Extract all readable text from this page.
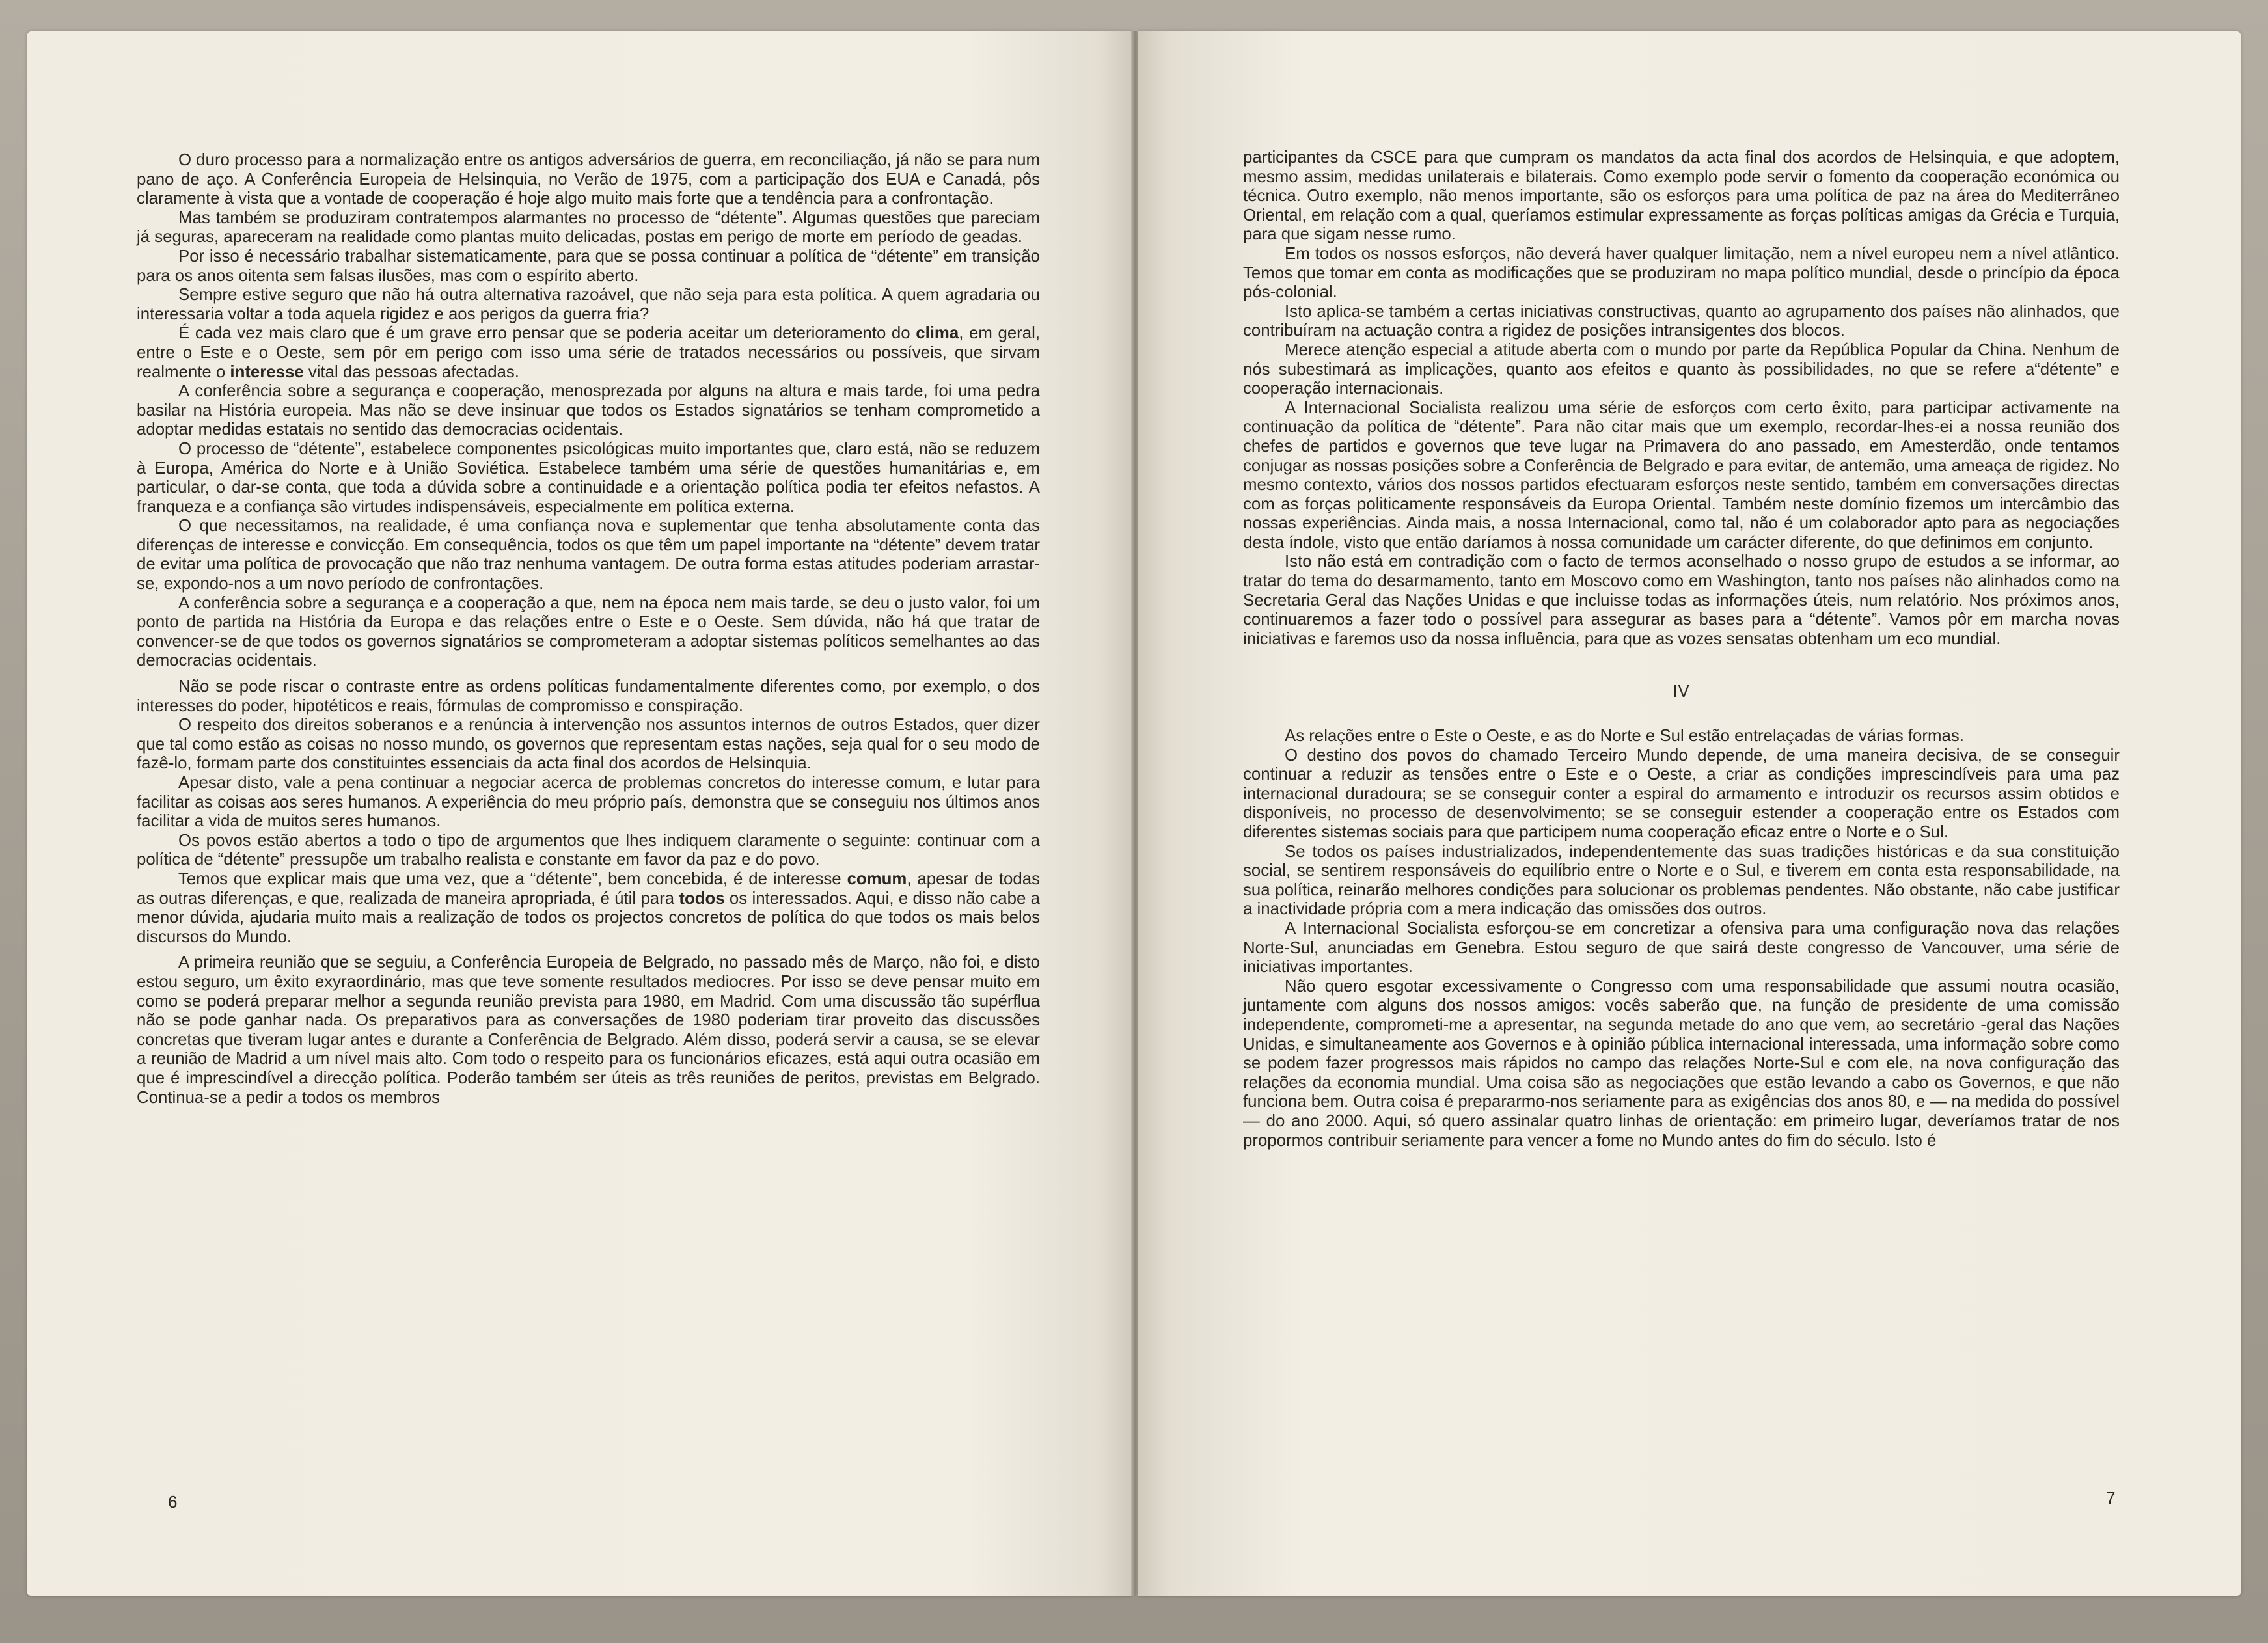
O duro processo para a normalização entre os antigos adversários de guerra, em reconciliação, já não se para num pano de aço. A Conferência Europeia de Helsinquia, no Verão de 1975, com a participação dos EUA e Canadá, pôs claramente à vista que a vontade de cooperação é hoje algo muito mais forte que a tendência para a confrontação.

Mas também se produziram contratempos alarmantes no processo de “détente”. Algumas questões que pareciam já seguras, apareceram na realidade como plantas muito delicadas, postas em perigo de morte em período de geadas.

Por isso é necessário trabalhar sistematicamente, para que se possa continuar a política de “détente” em transição para os anos oitenta sem falsas ilusões, mas com o espírito aberto.

Sempre estive seguro que não há outra alternativa razoável, que não seja para esta política. A quem agradaria ou interessaria voltar a toda aquela rigidez e aos perigos da guerra fria?

É cada vez mais claro que é um grave erro pensar que se poderia aceitar um deterioramento do clima, em geral, entre o Este e o Oeste, sem pôr em perigo com isso uma série de tratados necessários ou possíveis, que sirvam realmente o interesse vital das pessoas afectadas.

A conferência sobre a segurança e cooperação, menosprezada por alguns na altura e mais tarde, foi uma pedra basilar na História europeia. Mas não se deve insinuar que todos os Estados signatários se tenham comprometido a adoptar medidas estatais no sentido das democracias ocidentais.

O processo de “détente”, estabelece componentes psicológicas muito importantes que, claro está, não se reduzem à Europa, América do Norte e à União Soviética. Estabelece também uma série de questões humanitárias e, em particular, o dar-se conta, que toda a dúvida sobre a continuidade e a orientação política podia ter efeitos nefastos. A franqueza e a confiança são virtudes indispensáveis, especialmente em política externa.

O que necessitamos, na realidade, é uma confiança nova e suplementar que tenha absolutamente conta das diferenças de interesse e convicção. Em consequência, todos os que têm um papel importante na “détente” devem tratar de evitar uma política de provocação que não traz nenhuma vantagem. De outra forma estas atitudes poderiam arrastar-se, expondo-nos a um novo período de confrontações.

A conferência sobre a segurança e a cooperação a que, nem na época nem mais tarde, se deu o justo valor, foi um ponto de partida na História da Europa e das relações entre o Este e o Oeste. Sem dúvida, não há que tratar de convencer-se de que todos os governos signatários se comprometeram a adoptar sistemas políticos semelhantes ao das democracias ocidentais.

Não se pode riscar o contraste entre as ordens políticas fundamentalmente diferentes como, por exemplo, o dos interesses do poder, hipotéticos e reais, fórmulas de compromisso e conspiração.

O respeito dos direitos soberanos e a renúncia à intervenção nos assuntos internos de outros Estados, quer dizer que tal como estão as coisas no nosso mundo, os governos que representam estas nações, seja qual for o seu modo de fazê-lo, formam parte dos constituintes essenciais da acta final dos acordos de Helsinquia.

Apesar disto, vale a pena continuar a negociar acerca de problemas concretos do interesse comum, e lutar para facilitar as coisas aos seres humanos. A experiência do meu próprio país, demonstra que se conseguiu nos últimos anos facilitar a vida de muitos seres humanos.

Os povos estão abertos a todo o tipo de argumentos que lhes indiquem claramente o seguinte: continuar com a política de “détente” pressupõe um trabalho realista e constante em favor da paz e do povo.

Temos que explicar mais que uma vez, que a “détente”, bem concebida, é de interesse comum, apesar de todas as outras diferenças, e que, realizada de maneira apropriada, é útil para todos os interessados. Aqui, e disso não cabe a menor dúvida, ajudaria muito mais a realização de todos os projectos concretos de política do que todos os mais belos discursos do Mundo.

A primeira reunião que se seguiu, a Conferência Europeia de Belgrado, no passado mês de Março, não foi, e disto estou seguro, um êxito exyraordinário, mas que teve somente resultados mediocres. Por isso se deve pensar muito em como se poderá preparar melhor a segunda reunião prevista para 1980, em Madrid. Com uma discussão tão supérflua não se pode ganhar nada. Os preparativos para as conversações de 1980 poderiam tirar proveito das discussões concretas que tiveram lugar antes e durante a Conferência de Belgrado. Além disso, poderá servir a causa, se se elevar a reunião de Madrid a um nível mais alto. Com todo o respeito para os funcionários eficazes, está aqui outra ocasião em que é imprescindível a direcção política. Poderão também ser úteis as três reuniões de peritos, previstas em Belgrado. Continua-se a pedir a todos os membros

6

participantes da CSCE para que cumpram os mandatos da acta final dos acordos de Helsinquia, e que adoptem, mesmo assim, medidas unilaterais e bilaterais. Como exemplo pode servir o fomento da cooperação económica ou técnica. Outro exemplo, não menos importante, são os esforços para uma política de paz na área do Mediterrâneo Oriental, em relação com a qual, queríamos estimular expressamente as forças políticas amigas da Grécia e Turquia, para que sigam nesse rumo.

Em todos os nossos esforços, não deverá haver qualquer limitação, nem a nível europeu nem a nível atlântico. Temos que tomar em conta as modificações que se produziram no mapa político mundial, desde o princípio da época pós-colonial.

Isto aplica-se também a certas iniciativas constructivas, quanto ao agrupamento dos países não alinhados, que contribuíram na actuação contra a rigidez de posições intransigentes dos blocos.

Merece atenção especial a atitude aberta com o mundo por parte da República Popular da China. Nenhum de nós subestimará as implicações, quanto aos efeitos e quanto às possibilidades, no que se refere a“détente” e cooperação internacionais.

A Internacional Socialista realizou uma série de esforços com certo êxito, para participar activamente na continuação da política de “détente”. Para não citar mais que um exemplo, recordar-lhes-ei a nossa reunião dos chefes de partidos e governos que teve lugar na Primavera do ano passado, em Amesterdão, onde tentamos conjugar as nossas posições sobre a Conferência de Belgrado e para evitar, de antemão, uma ameaça de rigidez. No mesmo contexto, vários dos nossos partidos efectuaram esforços neste sentido, também em conversações directas com as forças politicamente responsáveis da Europa Oriental. Também neste domínio fizemos um intercâmbio das nossas experiências. Ainda mais, a nossa Internacional, como tal, não é um colaborador apto para as negociações desta índole, visto que então daríamos à nossa comunidade um carácter diferente, do que definimos em conjunto.

Isto não está em contradição com o facto de termos aconselhado o nosso grupo de estudos a se informar, ao tratar do tema do desarmamento, tanto em Moscovo como em Washington, tanto nos países não alinhados como na Secretaria Geral das Nações Unidas e que incluisse todas as informações úteis, num relatório. Nos próximos anos, continuaremos a fazer todo o possível para assegurar as bases para a “détente”. Vamos pôr em marcha novas iniciativas e faremos uso da nossa influência, para que as vozes sensatas obtenham um eco mundial.

IV

As relações entre o Este o Oeste, e as do Norte e Sul estão entrelaçadas de várias formas.

O destino dos povos do chamado Terceiro Mundo depende, de uma maneira decisiva, de se conseguir continuar a reduzir as tensões entre o Este e o Oeste, a criar as condições imprescindíveis para uma paz internacional duradoura; se se conseguir conter a espiral do armamento e introduzir os recursos assim obtidos e disponíveis, no processo de desenvolvimento; se se conseguir estender a cooperação entre os Estados com diferentes sistemas sociais para que participem numa cooperação eficaz entre o Norte e o Sul.

Se todos os países industrializados, independentemente das suas tradições históricas e da sua constituição social, se sentirem responsáveis do equilíbrio entre o Norte e o Sul, e tiverem em conta esta responsabilidade, na sua política, reinarão melhores condições para solucionar os problemas pendentes. Não obstante, não cabe justificar a inactividade própria com a mera indicação das omissões dos outros.

A Internacional Socialista esforçou-se em concretizar a ofensiva para uma configuração nova das relações Norte-Sul, anunciadas em Genebra. Estou seguro de que sairá deste congresso de Vancouver, uma série de iniciativas importantes.

Não quero esgotar excessivamente o Congresso com uma responsabilidade que assumi noutra ocasião, juntamente com alguns dos nossos amigos: vocês saberão que, na função de presidente de uma comissão independente, comprometi-me a apresentar, na segunda metade do ano que vem, ao secretário -geral das Nações Unidas, e simultaneamente aos Governos e à opinião pública internacional interessada, uma informação sobre como se podem fazer progressos mais rápidos no campo das relações Norte-Sul e com ele, na nova configuração das relações da economia mundial. Uma coisa são as negociações que estão levando a cabo os Governos, e que não funciona bem. Outra coisa é prepararmo-nos seriamente para as exigências dos anos 80, e — na medida do possível — do ano 2000. Aqui, só quero assinalar quatro linhas de orientação: em primeiro lugar, deveríamos tratar de nos propormos contribuir seriamente para vencer a fome no Mundo antes do fim do século. Isto é

7
